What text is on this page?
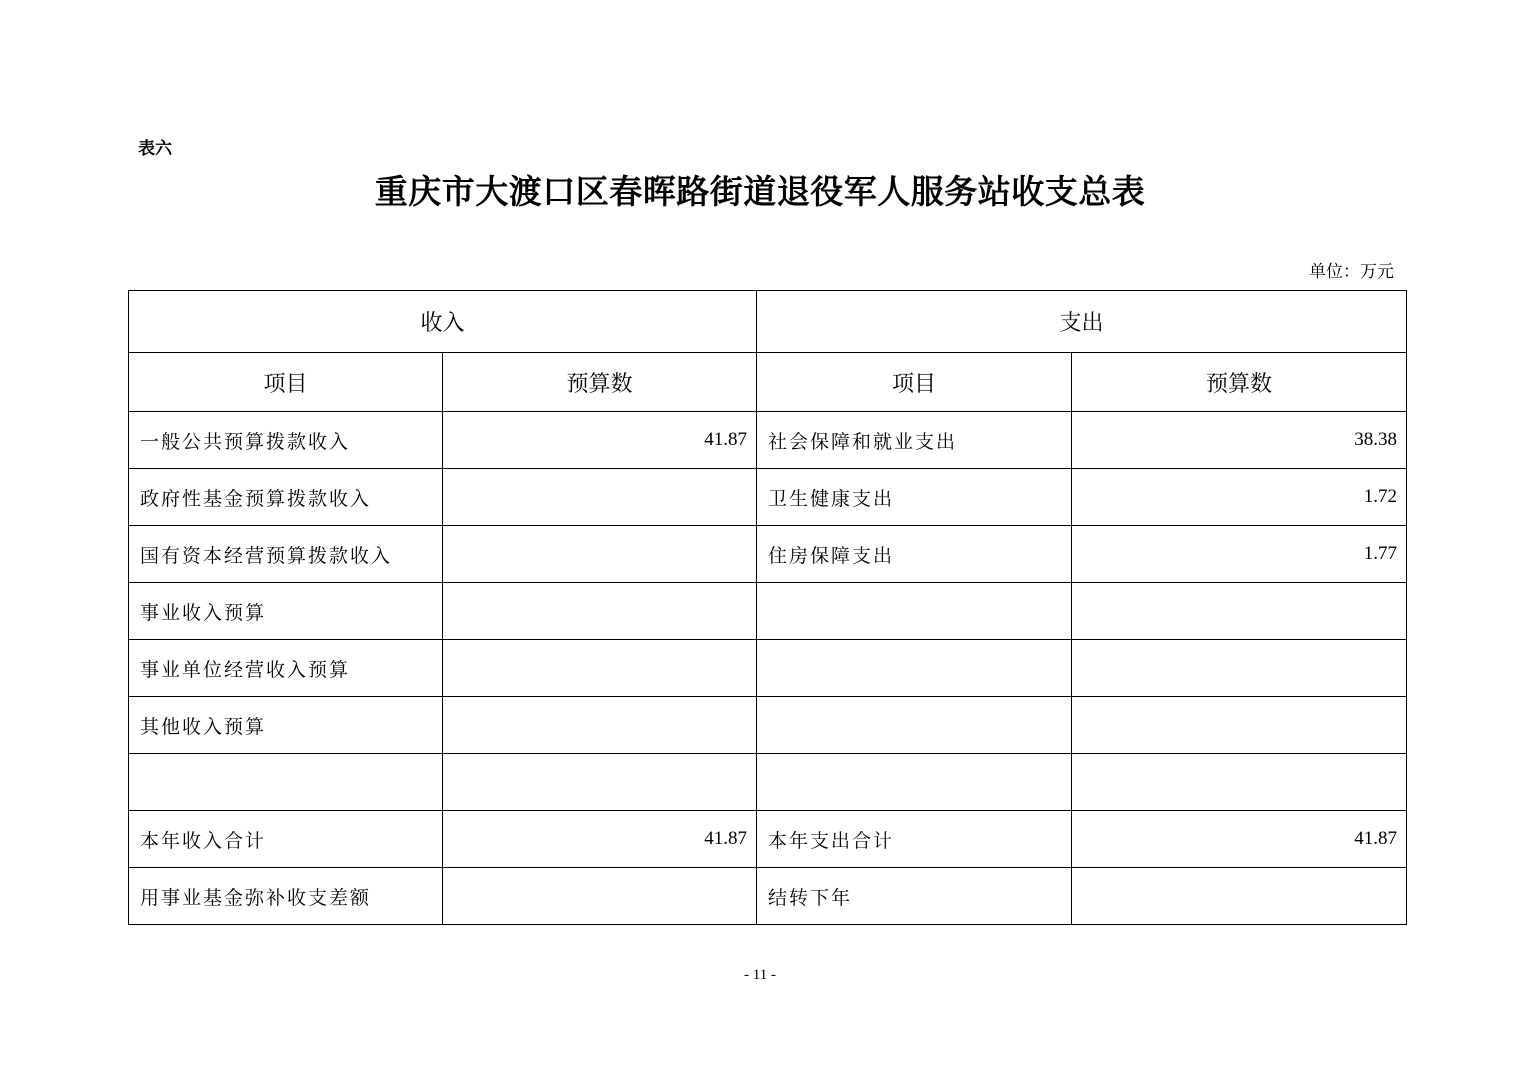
表六
重庆市大渡口区春晖路街道退役军人服务站收支总表
单位：万元
收入		支出	
项目	预算数	项目	预算数
一般公共预算拨款收入	41.87	社会保障和就业支出	38.38
政府性基金预算拨款收入		卫生健康支出	1.72
国有资本经营预算拨款收入		住房保障支出	1.77
事业收入预算			
事业单位经营收入预算			
其他收入预算			

本年收入合计	41.87	本年支出合计	41.87
用事业基金弥补收支差额		结转下年	
- 11 -
